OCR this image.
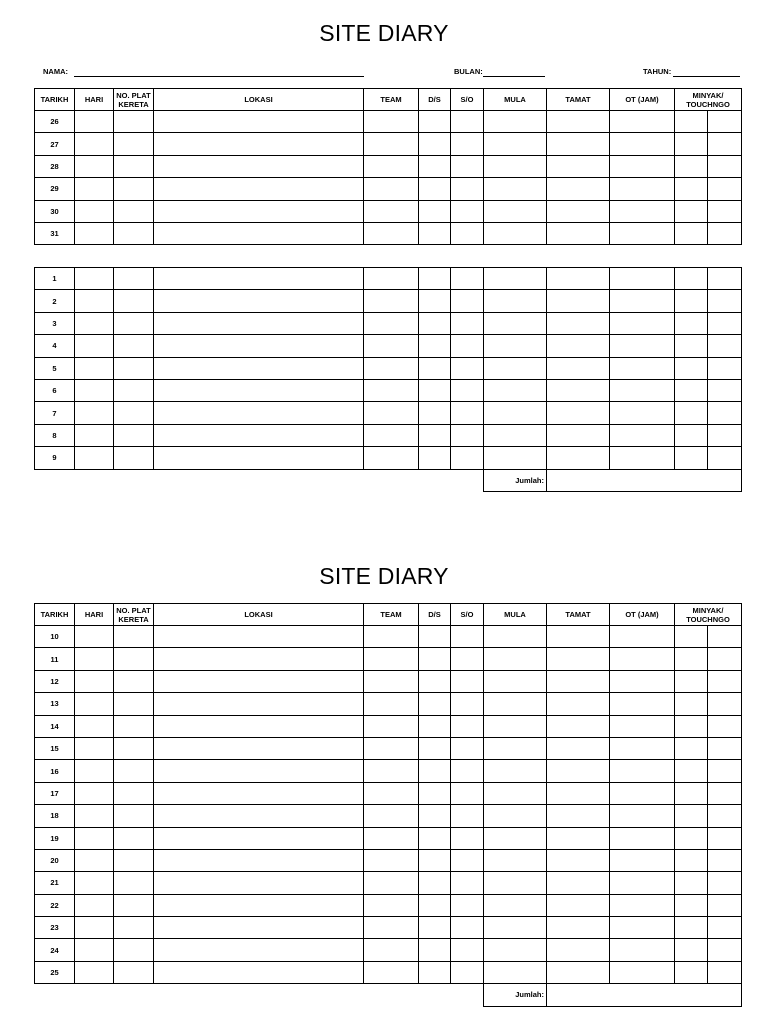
SITE DIARY
NAMA:	BULAN:	TAHUN:
TARIKH	HARI	NO. PLAT KERETA	LOKASI	TEAM	D/S	S/O	MULA	TAMAT	OT (JAM)	MINYAK/ TOUCHNGO	
26											
27											
28											
29											
30											
31											
1											
2											
3											
4											
5											
6											
7											
8											
9											
							Jumlah:				
SITE DIARY
TARIKH	HARI	NO. PLAT KERETA	LOKASI	TEAM	D/S	S/O	MULA	TAMAT	OT (JAM)	MINYAK/ TOUCHNGO	
10											
11											
12											
13											
14											
15											
16											
17											
18											
19											
20											
21											
22											
23											
24											
25											
							Jumlah:				
